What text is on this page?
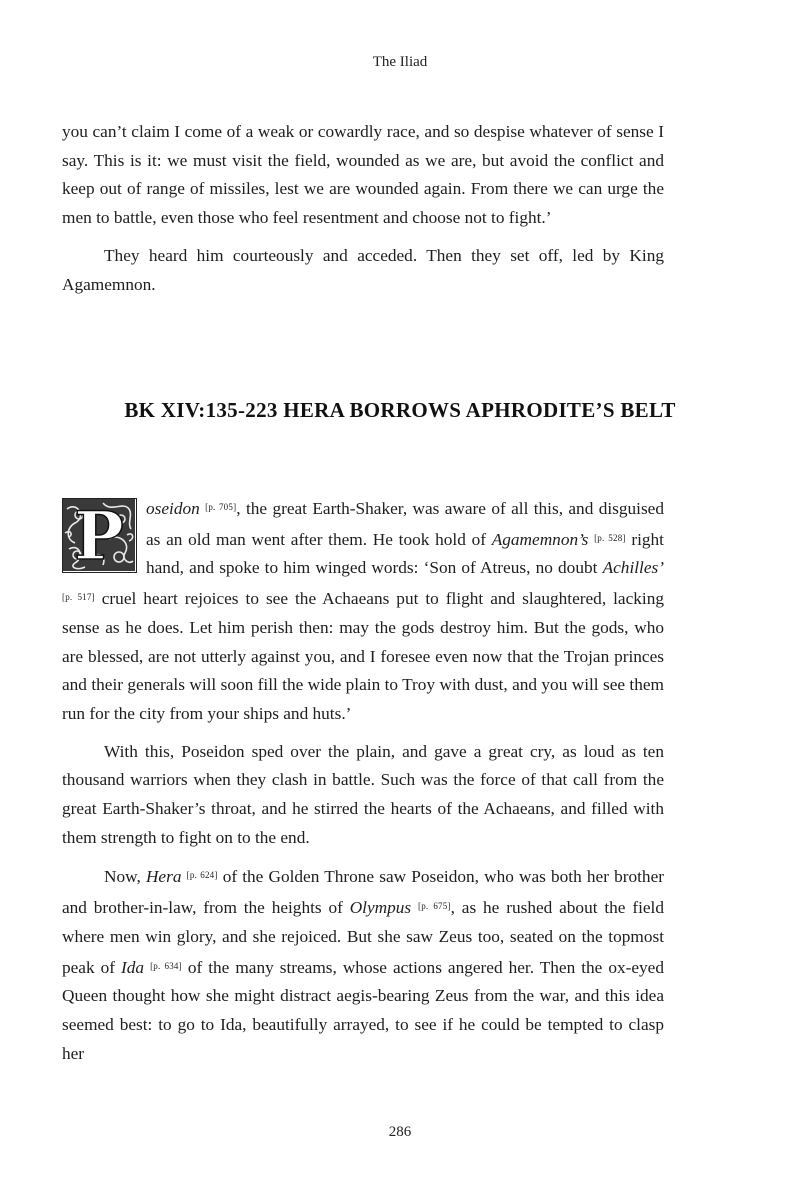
The Iliad

you can’t claim I come of a weak or cowardly race, and so despise whatever of sense I say. This is it: we must visit the field, wounded as we are, but avoid the conflict and keep out of range of missiles, lest we are wounded again. From there we can urge the men to battle, even those who feel resentment and choose not to fight.’

They heard him courteously and acceded. Then they set off, led by King Agamemnon.

BK XIV:135-223 HERA BORROWS APHRODITE’S BELT

P	oseidon [p. 705], the great Earth-Shaker, was aware of all this, and disguised as an old man went after them. He took hold of Agamemnon’s [p. 528] right hand, and spoke to him winged words: ‘Son of Atreus, no doubt Achilles’ [p. 517] cruel heart rejoices to see the Achaeans put to flight and slaughtered, lacking sense as he does. Let him perish then: may the gods destroy him. But the gods, who are blessed, are not utterly against you, and I foresee even now that the Trojan princes and their generals will soon fill the wide plain to Troy with dust, and you will see them run for the city from your ships and huts.’

With this, Poseidon sped over the plain, and gave a great cry, as loud as ten thousand warriors when they clash in battle. Such was the force of that call from the great Earth-Shaker’s throat, and he stirred the hearts of the Achaeans, and filled with them strength to fight on to the end.

Now, Hera [p. 624] of the Golden Throne saw Poseidon, who was both her brother and brother-in-law, from the heights of Olympus [p. 675], as he rushed about the field where men win glory, and she rejoiced. But she saw Zeus too, seated on the topmost peak of Ida [p. 634] of the many streams, whose actions angered her. Then the ox-eyed Queen thought how she might distract aegis-bearing Zeus from the war, and this idea seemed best: to go to Ida, beautifully arrayed, to see if he could be tempted to clasp her

286
